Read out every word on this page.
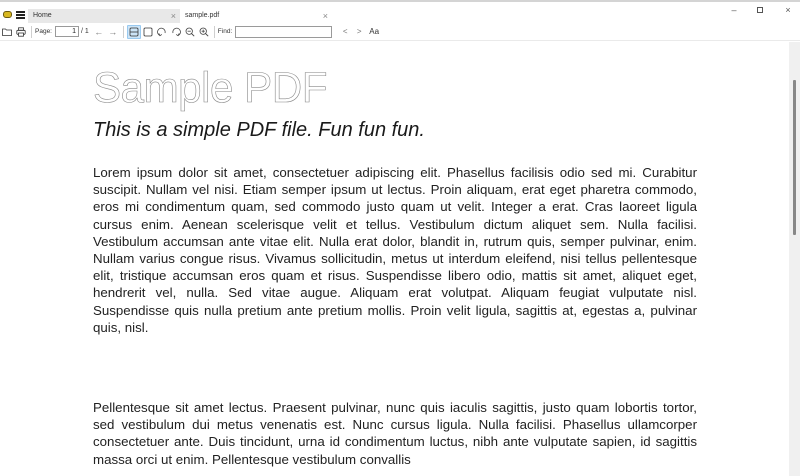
Home	×	sample.pdf	×
–	×
Page:
1	/ 1 ← →	Find:	<	> Aa
Sample PDF
This is a simple PDF file. Fun fun fun.

Lorem ipsum dolor sit amet, consectetuer adipiscing elit. Phasellus facilisis odio sed mi. Curabitur suscipit. Nullam vel nisi. Etiam semper ipsum ut lectus. Proin aliquam, erat eget pharetra commodo, eros mi condimentum quam, sed commodo justo quam ut velit. Integer a erat. Cras laoreet ligula cursus enim. Aenean scelerisque velit et tellus. Vestibulum dictum aliquet sem. Nulla facilisi. Vestibulum accumsan ante vitae elit. Nulla erat dolor, blandit in, rutrum quis, semper pulvinar, enim. Nullam varius congue risus. Vivamus sollicitudin, metus ut interdum eleifend, nisi tellus pellentesque elit, tristique accumsan eros quam et risus. Suspendisse libero odio, mattis sit amet, aliquet eget, hendrerit vel, nulla. Sed vitae augue. Aliquam erat volutpat. Aliquam feugiat vulputate nisl. Suspendisse quis nulla pretium ante pretium mollis. Proin velit ligula, sagittis at, egestas a, pulvinar quis, nisl.

Pellentesque sit amet lectus. Praesent pulvinar, nunc quis iaculis sagittis, justo quam lobortis tortor, sed vestibulum dui metus venenatis est. Nunc cursus ligula. Nulla facilisi. Phasellus ullamcorper consectetuer ante. Duis tincidunt, urna id condimentum luctus, nibh ante vulputate sapien, id sagittis massa orci ut enim. Pellentesque vestibulum convallis
